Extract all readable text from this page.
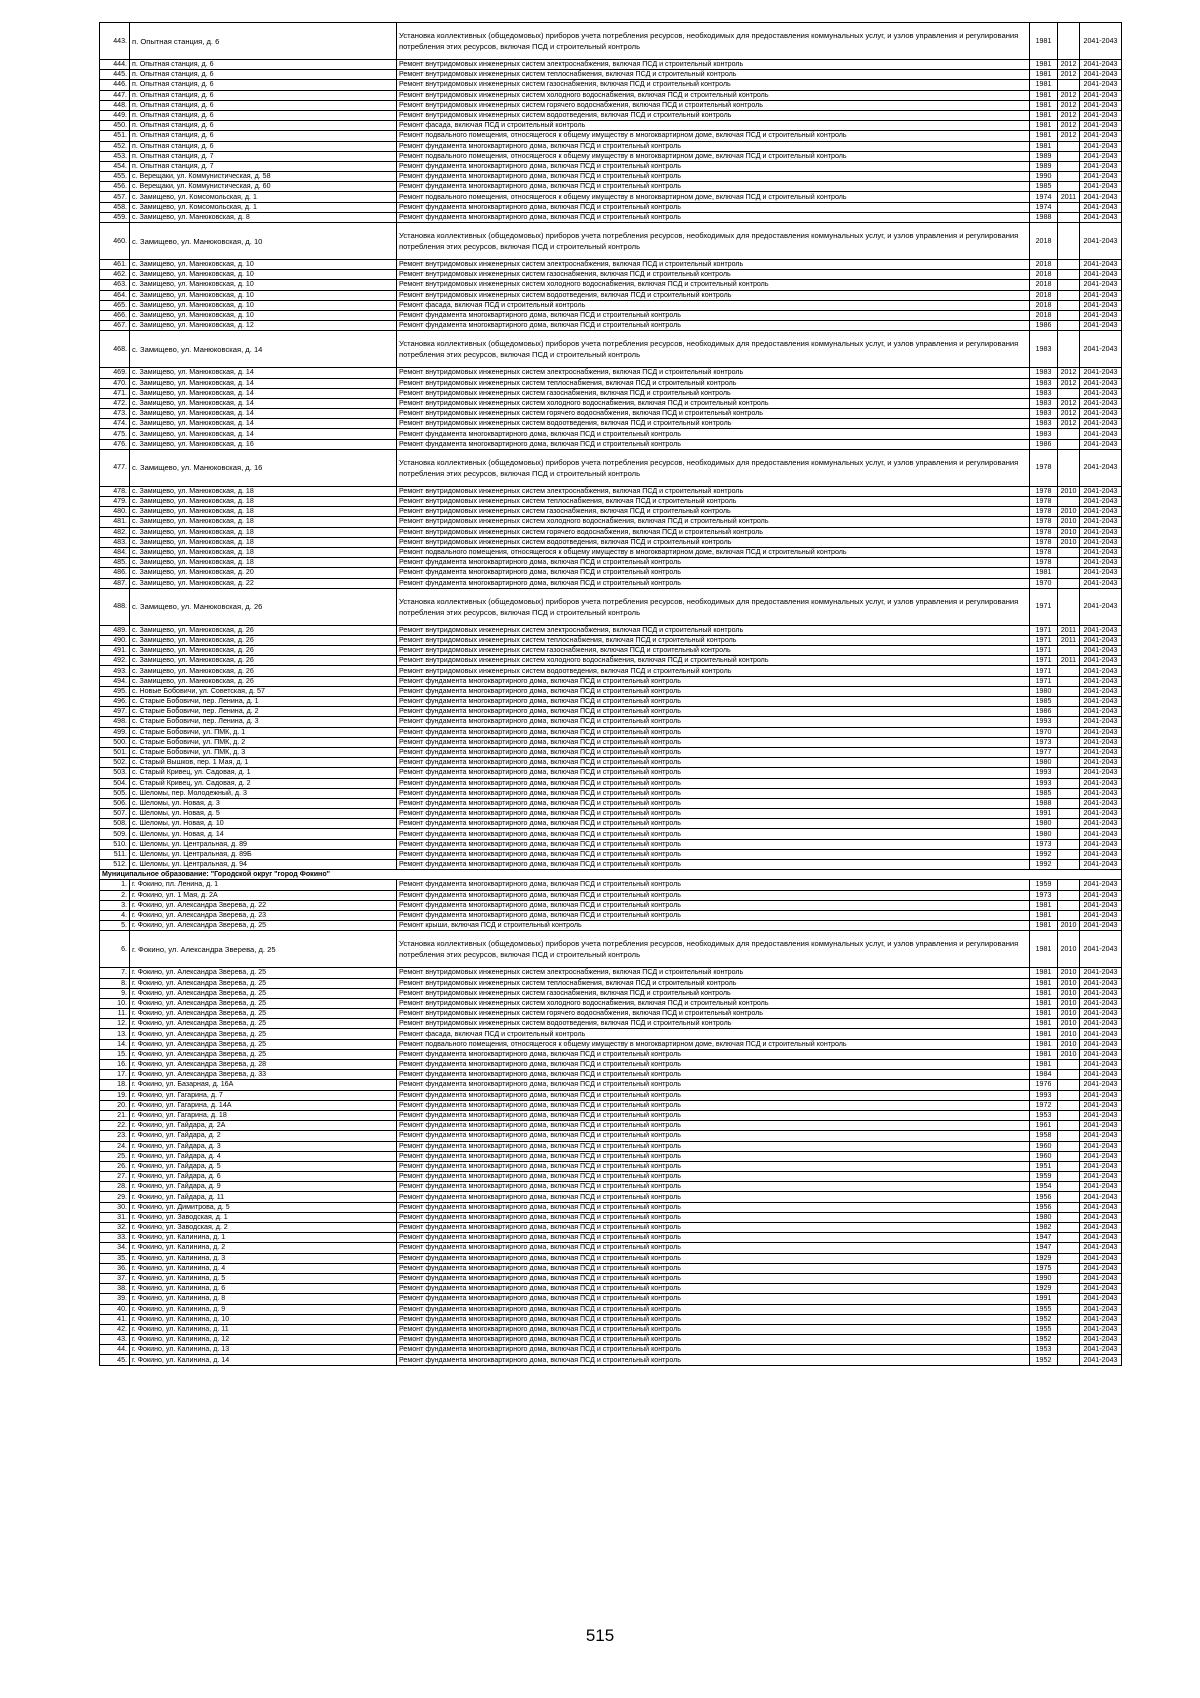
443.	п. Опытная станция, д. 6	Установка коллективных (общедомовых) приборов учета потребления ресурсов, необходимых для предоставления коммунальных услуг, и узлов управления и регулирования потребления этих ресурсов, включая ПСД и строительный контроль	1981		2041-2043	
444.	п. Опытная станция, д. 6	Ремонт внутридомовых инженерных систем электроснабжения, включая ПСД и строительный контроль	1981	2012	2041-2043	
445.	п. Опытная станция, д. 6	Ремонт внутридомовых инженерных систем теплоснабжения, включая ПСД и строительный контроль	1981	2012	2041-2043	
446.	п. Опытная станция, д. 6	Ремонт внутридомовых инженерных систем газоснабжения, включая ПСД и строительный контроль	1981		2041-2043	
447.	п. Опытная станция, д. 6	Ремонт внутридомовых инженерных систем холодного водоснабжения, включая ПСД и строительный контроль	1981	2012	2041-2043	
448.	п. Опытная станция, д. 6	Ремонт внутридомовых инженерных систем горячего водоснабжения, включая ПСД и строительный контроль	1981	2012	2041-2043	
449.	п. Опытная станция, д. 6	Ремонт внутридомовых инженерных систем водоотведения, включая ПСД и строительный контроль	1981	2012	2041-2043	
450.	п. Опытная станция, д. 6	Ремонт фасада, включая ПСД и строительный контроль	1981	2012	2041-2043	
451.	п. Опытная станция, д. 6	Ремонт подвального помещения, относящегося к общему имуществу в многоквартирном доме, включая ПСД и строительный контроль	1981	2012	2041-2043	
452.	п. Опытная станция, д. 6	Ремонт фундамента многоквартирного дома, включая ПСД и строительный контроль	1981		2041-2043	
453.	п. Опытная станция, д. 7	Ремонт подвального помещения, относящегося к общему имуществу в многоквартирном доме, включая ПСД и строительный контроль	1989		2041-2043	
454.	п. Опытная станция, д. 7	Ремонт фундамента многоквартирного дома, включая ПСД и строительный контроль	1989		2041-2043	
455.	с. Верещаки, ул. Коммунистическая, д. 58	Ремонт фундамента многоквартирного дома, включая ПСД и строительный контроль	1990		2041-2043	
456.	с. Верещаки, ул. Коммунистическая, д. 60	Ремонт фундамента многоквартирного дома, включая ПСД и строительный контроль	1985		2041-2043	
457.	с. Замищево, ул. Комсомольская, д. 1	Ремонт подвального помещения, относящегося к общему имуществу в многоквартирном доме, включая ПСД и строительный контроль	1974	2011	2041-2043	
458.	с. Замищево, ул. Комсомольская, д. 1	Ремонт фундамента многоквартирного дома, включая ПСД и строительный контроль	1974		2041-2043	
459.	с. Замищево, ул. Манюковская, д. 8	Ремонт фундамента многоквартирного дома, включая ПСД и строительный контроль	1988		2041-2043	
460.	с. Замищево, ул. Манюковская, д. 10	Установка коллективных (общедомовых) приборов учета потребления ресурсов, необходимых для предоставления коммунальных услуг, и узлов управления и регулирования потребления этих ресурсов, включая ПСД и строительный контроль	2018		2041-2043	
461.	с. Замищево, ул. Манюковская, д. 10	Ремонт внутридомовых инженерных систем электроснабжения, включая ПСД и строительный контроль	2018		2041-2043	
462.	с. Замищево, ул. Манюковская, д. 10	Ремонт внутридомовых инженерных систем газоснабжения, включая ПСД и строительный контроль	2018		2041-2043	
463.	с. Замищево, ул. Манюковская, д. 10	Ремонт внутридомовых инженерных систем холодного водоснабжения, включая ПСД и строительный контроль	2018		2041-2043	
464.	с. Замищево, ул. Манюковская, д. 10	Ремонт внутридомовых инженерных систем водоотведения, включая ПСД и строительный контроль	2018		2041-2043	
465.	с. Замищево, ул. Манюковская, д. 10	Ремонт фасада, включая ПСД и строительный контроль	2018		2041-2043	
466.	с. Замищево, ул. Манюковская, д. 10	Ремонт фундамента многоквартирного дома, включая ПСД и строительный контроль	2018		2041-2043	
467.	с. Замищево, ул. Манюковская, д. 12	Ремонт фундамента многоквартирного дома, включая ПСД и строительный контроль	1986		2041-2043	
468.	с. Замищево, ул. Манюковская, д. 14	Установка коллективных (общедомовых) приборов учета потребления ресурсов, необходимых для предоставления коммунальных услуг, и узлов управления и регулирования потребления этих ресурсов, включая ПСД и строительный контроль	1983		2041-2043	
469.	с. Замищево, ул. Манюковская, д. 14	Ремонт внутридомовых инженерных систем электроснабжения, включая ПСД и строительный контроль	1983	2012	2041-2043	
470.	с. Замищево, ул. Манюковская, д. 14	Ремонт внутридомовых инженерных систем теплоснабжения, включая ПСД и строительный контроль	1983	2012	2041-2043	
471.	с. Замищево, ул. Манюковская, д. 14	Ремонт внутридомовых инженерных систем газоснабжения, включая ПСД и строительный контроль	1983		2041-2043	
472.	с. Замищево, ул. Манюковская, д. 14	Ремонт внутридомовых инженерных систем холодного водоснабжения, включая ПСД и строительный контроль	1983	2012	2041-2043	
473.	с. Замищево, ул. Манюковская, д. 14	Ремонт внутридомовых инженерных систем горячего водоснабжения, включая ПСД и строительный контроль	1983	2012	2041-2043	
474.	с. Замищево, ул. Манюковская, д. 14	Ремонт внутридомовых инженерных систем водоотведения, включая ПСД и строительный контроль	1983	2012	2041-2043	
475.	с. Замищево, ул. Манюковская, д. 14	Ремонт фундамента многоквартирного дома, включая ПСД и строительный контроль	1983		2041-2043	
476.	с. Замищево, ул. Манюковская, д. 16	Ремонт фундамента многоквартирного дома, включая ПСД и строительный контроль	1986		2041-2043	
477.	с. Замищево, ул. Манюковская, д. 16	Установка коллективных (общедомовых) приборов учета потребления ресурсов, необходимых для предоставления коммунальных услуг, и узлов управления и регулирования потребления этих ресурсов, включая ПСД и строительный контроль	1978		2041-2043	
478.	с. Замищево, ул. Манюковская, д. 18	Ремонт внутридомовых инженерных систем электроснабжения, включая ПСД и строительный контроль	1978	2010	2041-2043	
479.	с. Замищево, ул. Манюковская, д. 18	Ремонт внутридомовых инженерных систем теплоснабжения, включая ПСД и строительный контроль	1978		2041-2043	
480.	с. Замищево, ул. Манюковская, д. 18	Ремонт внутридомовых инженерных систем газоснабжения, включая ПСД и строительный контроль	1978	2010	2041-2043	
481.	с. Замищево, ул. Манюковская, д. 18	Ремонт внутридомовых инженерных систем холодного водоснабжения, включая ПСД и строительный контроль	1978	2010	2041-2043	
482.	с. Замищево, ул. Манюковская, д. 18	Ремонт внутридомовых инженерных систем горячего водоснабжения, включая ПСД и строительный контроль	1978	2010	2041-2043	
483.	с. Замищево, ул. Манюковская, д. 18	Ремонт внутридомовых инженерных систем водоотведения, включая ПСД и строительный контроль	1978	2010	2041-2043	
484.	с. Замищево, ул. Манюковская, д. 18	Ремонт подвального помещения, относящегося к общему имуществу в многоквартирном доме, включая ПСД и строительный контроль	1978		2041-2043	
485.	с. Замищево, ул. Манюковская, д. 18	Ремонт фундамента многоквартирного дома, включая ПСД и строительный контроль	1978		2041-2043	
486.	с. Замищево, ул. Манюковская, д. 20	Ремонт фундамента многоквартирного дома, включая ПСД и строительный контроль	1981		2041-2043	
487.	с. Замищево, ул. Манюковская, д. 22	Ремонт фундамента многоквартирного дома, включая ПСД и строительный контроль	1970		2041-2043	
488.	с. Замищево, ул. Манюковская, д. 26	Установка коллективных (общедомовых) приборов учета потребления ресурсов, необходимых для предоставления коммунальных услуг, и узлов управления и регулирования потребления этих ресурсов, включая ПСД и строительный контроль	1971		2041-2043	
489.	с. Замищево, ул. Манюковская, д. 26	Ремонт внутридомовых инженерных систем электроснабжения, включая ПСД и строительный контроль	1971	2011	2041-2043	
490.	с. Замищево, ул. Манюковская, д. 26	Ремонт внутридомовых инженерных систем теплоснабжения, включая ПСД и строительный контроль	1971	2011	2041-2043	
491.	с. Замищево, ул. Манюковская, д. 26	Ремонт внутридомовых инженерных систем газоснабжения, включая ПСД и строительный контроль	1971		2041-2043	
492.	с. Замищево, ул. Манюковская, д. 26	Ремонт внутридомовых инженерных систем холодного водоснабжения, включая ПСД и строительный контроль	1971	2011	2041-2043	
493.	с. Замищево, ул. Манюковская, д. 26	Ремонт внутридомовых инженерных систем водоотведения, включая ПСД и строительный контроль	1971		2041-2043	
494.	с. Замищево, ул. Манюковская, д. 26	Ремонт фундамента многоквартирного дома, включая ПСД и строительный контроль	1971		2041-2043	
495.	с. Новые Бобовичи, ул. Советская, д. 57	Ремонт фундамента многоквартирного дома, включая ПСД и строительный контроль	1980		2041-2043	
496.	с. Старые Бобовичи, пер. Ленина, д. 1	Ремонт фундамента многоквартирного дома, включая ПСД и строительный контроль	1985		2041-2043	
497.	с. Старые Бобовичи, пер. Ленина, д. 2	Ремонт фундамента многоквартирного дома, включая ПСД и строительный контроль	1986		2041-2043	
498.	с. Старые Бобовичи, пер. Ленина, д. 3	Ремонт фундамента многоквартирного дома, включая ПСД и строительный контроль	1993		2041-2043	
499.	с. Старые Бобовичи, ул. ПМК, д. 1	Ремонт фундамента многоквартирного дома, включая ПСД и строительный контроль	1970		2041-2043	
500.	с. Старые Бобовичи, ул. ПМК, д. 2	Ремонт фундамента многоквартирного дома, включая ПСД и строительный контроль	1973		2041-2043	
501.	с. Старые Бобовичи, ул. ПМК, д. 3	Ремонт фундамента многоквартирного дома, включая ПСД и строительный контроль	1977		2041-2043	
502.	с. Старый Вышков, пер. 1 Мая, д. 1	Ремонт фундамента многоквартирного дома, включая ПСД и строительный контроль	1980		2041-2043	
503.	с. Старый Кривец, ул. Садовая, д. 1	Ремонт фундамента многоквартирного дома, включая ПСД и строительный контроль	1993		2041-2043	
504.	с. Старый Кривец, ул. Садовая, д. 2	Ремонт фундамента многоквартирного дома, включая ПСД и строительный контроль	1993		2041-2043	
505.	с. Шеломы, пер. Молодежный, д. 3	Ремонт фундамента многоквартирного дома, включая ПСД и строительный контроль	1985		2041-2043	
506.	с. Шеломы, ул. Новая, д. 3	Ремонт фундамента многоквартирного дома, включая ПСД и строительный контроль	1988		2041-2043	
507.	с. Шеломы, ул. Новая, д. 5	Ремонт фундамента многоквартирного дома, включая ПСД и строительный контроль	1991		2041-2043	
508.	с. Шеломы, ул. Новая, д. 10	Ремонт фундамента многоквартирного дома, включая ПСД и строительный контроль	1980		2041-2043	
509.	с. Шеломы, ул. Новая, д. 14	Ремонт фундамента многоквартирного дома, включая ПСД и строительный контроль	1980		2041-2043	
510.	с. Шеломы, ул. Центральная, д. 89	Ремонт фундамента многоквартирного дома, включая ПСД и строительный контроль	1973		2041-2043	
511.	с. Шеломы, ул. Центральная, д. 89Б	Ремонт фундамента многоквартирного дома, включая ПСД и строительный контроль	1992		2041-2043	
512.	с. Шеломы, ул. Центральная, д. 94	Ремонт фундамента многоквартирного дома, включая ПСД и строительный контроль	1992		2041-2043	
Муниципальное образование: "Городской округ "город Фокино"						
1.	г. Фокино, пл. Ленина, д. 1	Ремонт фундамента многоквартирного дома, включая ПСД и строительный контроль	1959		2041-2043	
2.	г. Фокино, ул. 1 Мая, д. 2А	Ремонт фундамента многоквартирного дома, включая ПСД и строительный контроль	1973		2041-2043	
3.	г. Фокино, ул. Александра Зверева, д. 22	Ремонт фундамента многоквартирного дома, включая ПСД и строительный контроль	1981		2041-2043	
4.	г. Фокино, ул. Александра Зверева, д. 23	Ремонт фундамента многоквартирного дома, включая ПСД и строительный контроль	1981		2041-2043	
5.	г. Фокино, ул. Александра Зверева, д. 25	Ремонт крыши, включая ПСД и строительный контроль	1981	2010	2041-2043	
6.	г. Фокино, ул. Александра Зверева, д. 25	Установка коллективных (общедомовых) приборов учета потребления ресурсов, необходимых для предоставления коммунальных услуг, и узлов управления и регулирования потребления этих ресурсов, включая ПСД и строительный контроль	1981	2010	2041-2043	
7.	г. Фокино, ул. Александра Зверева, д. 25	Ремонт внутридомовых инженерных систем электроснабжения, включая ПСД и строительный контроль	1981	2010	2041-2043	
8.	г. Фокино, ул. Александра Зверева, д. 25	Ремонт внутридомовых инженерных систем теплоснабжения, включая ПСД и строительный контроль	1981	2010	2041-2043	
9.	г. Фокино, ул. Александра Зверева, д. 25	Ремонт внутридомовых инженерных систем газоснабжения, включая ПСД и строительный контроль	1981	2010	2041-2043	
10.	г. Фокино, ул. Александра Зверева, д. 25	Ремонт внутридомовых инженерных систем холодного водоснабжения, включая ПСД и строительный контроль	1981	2010	2041-2043	
11.	г. Фокино, ул. Александра Зверева, д. 25	Ремонт внутридомовых инженерных систем горячего водоснабжения, включая ПСД и строительный контроль	1981	2010	2041-2043	
12.	г. Фокино, ул. Александра Зверева, д. 25	Ремонт внутридомовых инженерных систем водоотведения, включая ПСД и строительный контроль	1981	2010	2041-2043	
13.	г. Фокино, ул. Александра Зверева, д. 25	Ремонт фасада, включая ПСД и строительный контроль	1981	2010	2041-2043	
14.	г. Фокино, ул. Александра Зверева, д. 25	Ремонт подвального помещения, относящегося к общему имуществу в многоквартирном доме, включая ПСД и строительный контроль	1981	2010	2041-2043	
15.	г. Фокино, ул. Александра Зверева, д. 25	Ремонт фундамента многоквартирного дома, включая ПСД и строительный контроль	1981	2010	2041-2043	
16.	г. Фокино, ул. Александра Зверева, д. 28	Ремонт фундамента многоквартирного дома, включая ПСД и строительный контроль	1981		2041-2043	
17.	г. Фокино, ул. Александра Зверева, д. 33	Ремонт фундамента многоквартирного дома, включая ПСД и строительный контроль	1984		2041-2043	
18.	г. Фокино, ул. Базарная, д. 16А	Ремонт фундамента многоквартирного дома, включая ПСД и строительный контроль	1976		2041-2043	
19.	г. Фокино, ул. Гагарина, д. 7	Ремонт фундамента многоквартирного дома, включая ПСД и строительный контроль	1993		2041-2043	
20.	г. Фокино, ул. Гагарина, д. 14А	Ремонт фундамента многоквартирного дома, включая ПСД и строительный контроль	1972		2041-2043	
21.	г. Фокино, ул. Гагарина, д. 18	Ремонт фундамента многоквартирного дома, включая ПСД и строительный контроль	1953		2041-2043	
22.	г. Фокино, ул. Гайдара, д. 2А	Ремонт фундамента многоквартирного дома, включая ПСД и строительный контроль	1961		2041-2043	
23.	г. Фокино, ул. Гайдара, д. 2	Ремонт фундамента многоквартирного дома, включая ПСД и строительный контроль	1958		2041-2043	
24.	г. Фокино, ул. Гайдара, д. 3	Ремонт фундамента многоквартирного дома, включая ПСД и строительный контроль	1960		2041-2043	
25.	г. Фокино, ул. Гайдара, д. 4	Ремонт фундамента многоквартирного дома, включая ПСД и строительный контроль	1960		2041-2043	
26.	г. Фокино, ул. Гайдара, д. 5	Ремонт фундамента многоквартирного дома, включая ПСД и строительный контроль	1951		2041-2043	
27.	г. Фокино, ул. Гайдара, д. 6	Ремонт фундамента многоквартирного дома, включая ПСД и строительный контроль	1959		2041-2043	
28.	г. Фокино, ул. Гайдара, д. 9	Ремонт фундамента многоквартирного дома, включая ПСД и строительный контроль	1954		2041-2043	
29.	г. Фокино, ул. Гайдара, д. 11	Ремонт фундамента многоквартирного дома, включая ПСД и строительный контроль	1956		2041-2043	
30.	г. Фокино, ул. Димитрова, д. 5	Ремонт фундамента многоквартирного дома, включая ПСД и строительный контроль	1956		2041-2043	
31.	г. Фокино, ул. Заводская, д. 1	Ремонт фундамента многоквартирного дома, включая ПСД и строительный контроль	1980		2041-2043	
32.	г. Фокино, ул. Заводская, д. 2	Ремонт фундамента многоквартирного дома, включая ПСД и строительный контроль	1982		2041-2043	
33.	г. Фокино, ул. Калинина, д. 1	Ремонт фундамента многоквартирного дома, включая ПСД и строительный контроль	1947		2041-2043	
34.	г. Фокино, ул. Калинина, д. 2	Ремонт фундамента многоквартирного дома, включая ПСД и строительный контроль	1947		2041-2043	
35.	г. Фокино, ул. Калинина, д. 3	Ремонт фундамента многоквартирного дома, включая ПСД и строительный контроль	1929		2041-2043	
36.	г. Фокино, ул. Калинина, д. 4	Ремонт фундамента многоквартирного дома, включая ПСД и строительный контроль	1975		2041-2043	
37.	г. Фокино, ул. Калинина, д. 5	Ремонт фундамента многоквартирного дома, включая ПСД и строительный контроль	1990		2041-2043	
38.	г. Фокино, ул. Калинина, д. 6	Ремонт фундамента многоквартирного дома, включая ПСД и строительный контроль	1929		2041-2043	
39.	г. Фокино, ул. Калинина, д. 8	Ремонт фундамента многоквартирного дома, включая ПСД и строительный контроль	1991		2041-2043	
40.	г. Фокино, ул. Калинина, д. 9	Ремонт фундамента многоквартирного дома, включая ПСД и строительный контроль	1955		2041-2043	
41.	г. Фокино, ул. Калинина, д. 10	Ремонт фундамента многоквартирного дома, включая ПСД и строительный контроль	1952		2041-2043	
42.	г. Фокино, ул. Калинина, д. 11	Ремонт фундамента многоквартирного дома, включая ПСД и строительный контроль	1955		2041-2043	
43.	г. Фокино, ул. Калинина, д. 12	Ремонт фундамента многоквартирного дома, включая ПСД и строительный контроль	1952		2041-2043	
44.	г. Фокино, ул. Калинина, д. 13	Ремонт фундамента многоквартирного дома, включая ПСД и строительный контроль	1953		2041-2043	
45.	г. Фокино, ул. Калинина, д. 14	Ремонт фундамента многоквартирного дома, включая ПСД и строительный контроль	1952		2041-2043	
515
